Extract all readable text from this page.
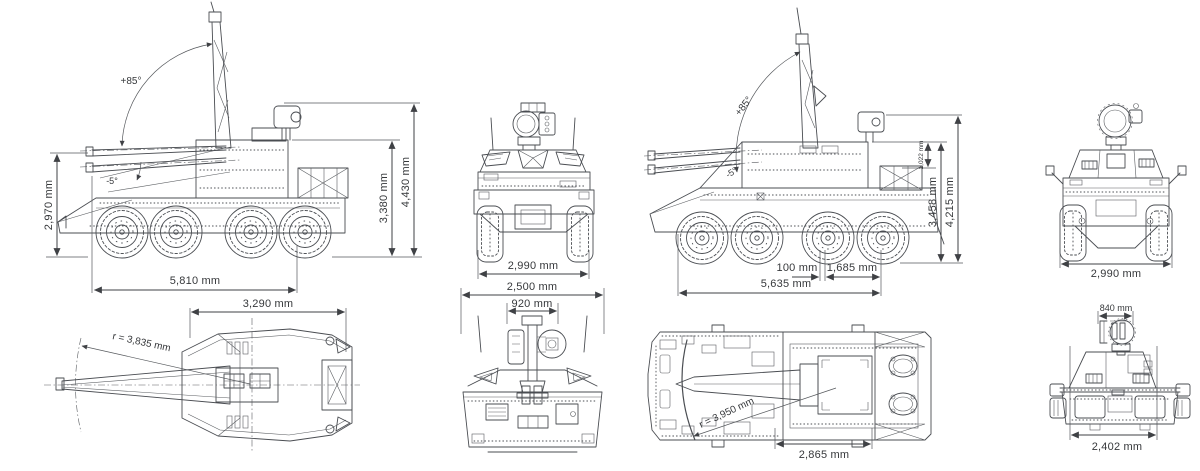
+85°
-5°
2,970 mm
5,810 mm
3,380 mm 4,430 mm
2,990 mm
2,500 mm
920 mm
3,290 mm
r = 3,835 mm
+85°
-5°
1,022 mm
3,458 mm 4,215 mm
100 mm 1,685 mm
5,635 mm
2,990 mm
r = 3,950 mm
2,865 mm
840 mm
2,402 mm
